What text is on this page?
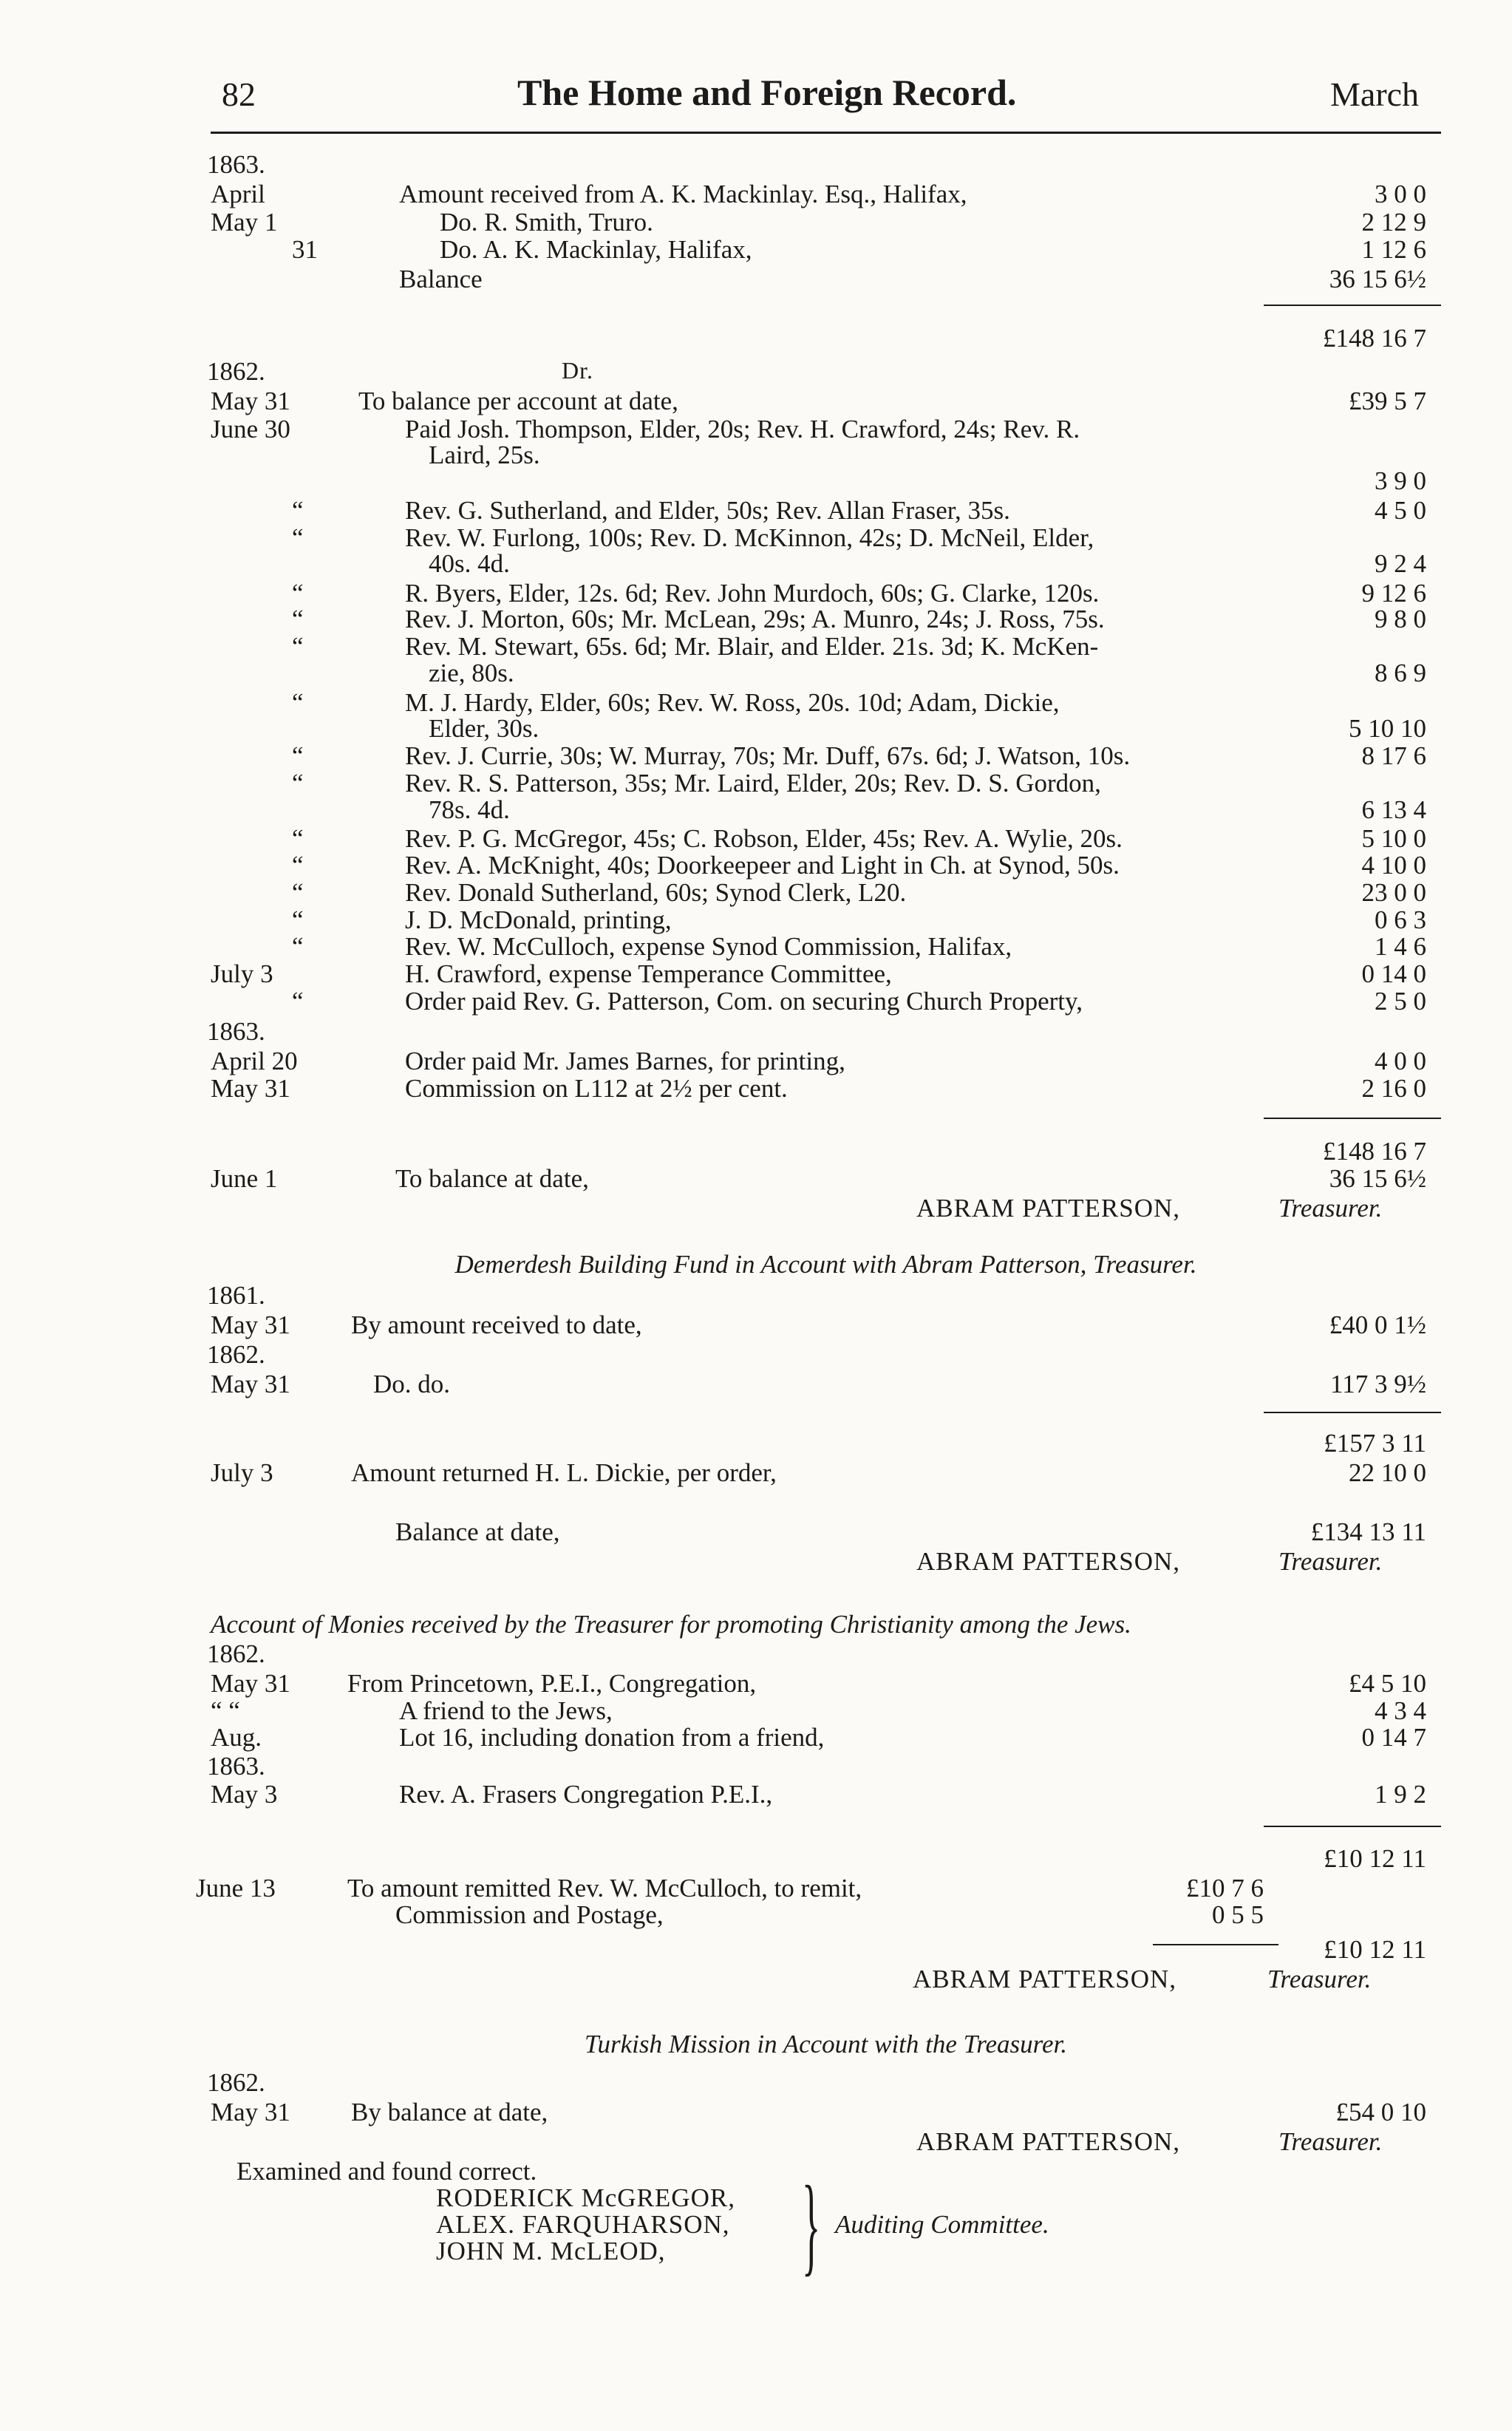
82	The Home and Foreign Record.	March
1863.
April	Amount received from A. K. Mackinlay. Esq., Halifax,	3 0 0
May 1	Do. R. Smith, Truro.	2 12 9
31	Do. A. K. Mackinlay, Halifax,	1 12 6
Balance	36 15 6½
£148 16 7
1862.	Dr.
May 31	To balance per account at date,	£39 5 7
June 30	Paid Josh. Thompson, Elder, 20s; Rev. H. Crawford, 24s; Rev. R.
Laird, 25s.
3 9 0
“	Rev. G. Sutherland, and Elder, 50s; Rev. Allan Fraser, 35s.	4 5 0
“	Rev. W. Furlong, 100s; Rev. D. McKinnon, 42s; D. McNeil, Elder,
40s. 4d.	9 2 4
“	R. Byers, Elder, 12s. 6d; Rev. John Murdoch, 60s; G. Clarke, 120s.	9 12 6
“	Rev. J. Morton, 60s; Mr. McLean, 29s; A. Munro, 24s; J. Ross, 75s.	9 8 0
“	Rev. M. Stewart, 65s. 6d; Mr. Blair, and Elder. 21s. 3d; K. McKen-
zie, 80s.	8 6 9
“	M. J. Hardy, Elder, 60s; Rev. W. Ross, 20s. 10d; Adam, Dickie,
Elder, 30s.	5 10 10
“	Rev. J. Currie, 30s; W. Murray, 70s; Mr. Duff, 67s. 6d; J. Watson, 10s.	8 17 6
“	Rev. R. S. Patterson, 35s; Mr. Laird, Elder, 20s; Rev. D. S. Gordon,
78s. 4d.	6 13 4
“	Rev. P. G. McGregor, 45s; C. Robson, Elder, 45s; Rev. A. Wylie, 20s.	5 10 0
“	Rev. A. McKnight, 40s; Doorkeepeer and Light in Ch. at Synod, 50s.	4 10 0
“	Rev. Donald Sutherland, 60s; Synod Clerk, L20.	23 0 0
“	J. D. McDonald, printing,	0 6 3
“	Rev. W. McCulloch, expense Synod Commission, Halifax,	1 4 6
July 3	H. Crawford, expense Temperance Committee,	0 14 0
“	Order paid Rev. G. Patterson, Com. on securing Church Property,	2 5 0
1863.
April 20	Order paid Mr. James Barnes, for printing,	4 0 0
May 31	Commission on L112 at 2½ per cent.	2 16 0
£148 16 7
June 1	To balance at date,	36 15 6½
ABRAM PATTERSON,	Treasurer.
Demerdesh Building Fund in Account with Abram Patterson, Treasurer.
1861.
May 31 By amount received to date,	£40 0 1½
1862.
May 31	Do. do.	117 3 9½
£157 3 11
July 3	Amount returned H. L. Dickie, per order,	22 10 0
Balance at date,	£134 13 11
ABRAM PATTERSON,	Treasurer.
Account of Monies received by the Treasurer for promoting Christianity among the Jews.
1862.
May 31 From Princetown, P.E.I., Congregation,	£4 5 10
“ “	A friend to the Jews,	4 3 4
Aug.	Lot 16, including donation from a friend,	0 14 7
1863.
May 3	Rev. A. Frasers Congregation P.E.I.,	1 9 2
£10 12 11
June 13	To amount remitted Rev. W. McCulloch, to remit,	£10 7 6
Commission and Postage,	0 5 5
£10 12 11
ABRAM PATTERSON,	Treasurer.
Turkish Mission in Account with the Treasurer.
1862.
May 31 By balance at date,	£54 0 10
ABRAM PATTERSON,	Treasurer.
Examined and found correct.
RODERICK McGREGOR,
ALEX. FARQUHARSON,
JOHN M. McLEOD, } Auditing Committee.
